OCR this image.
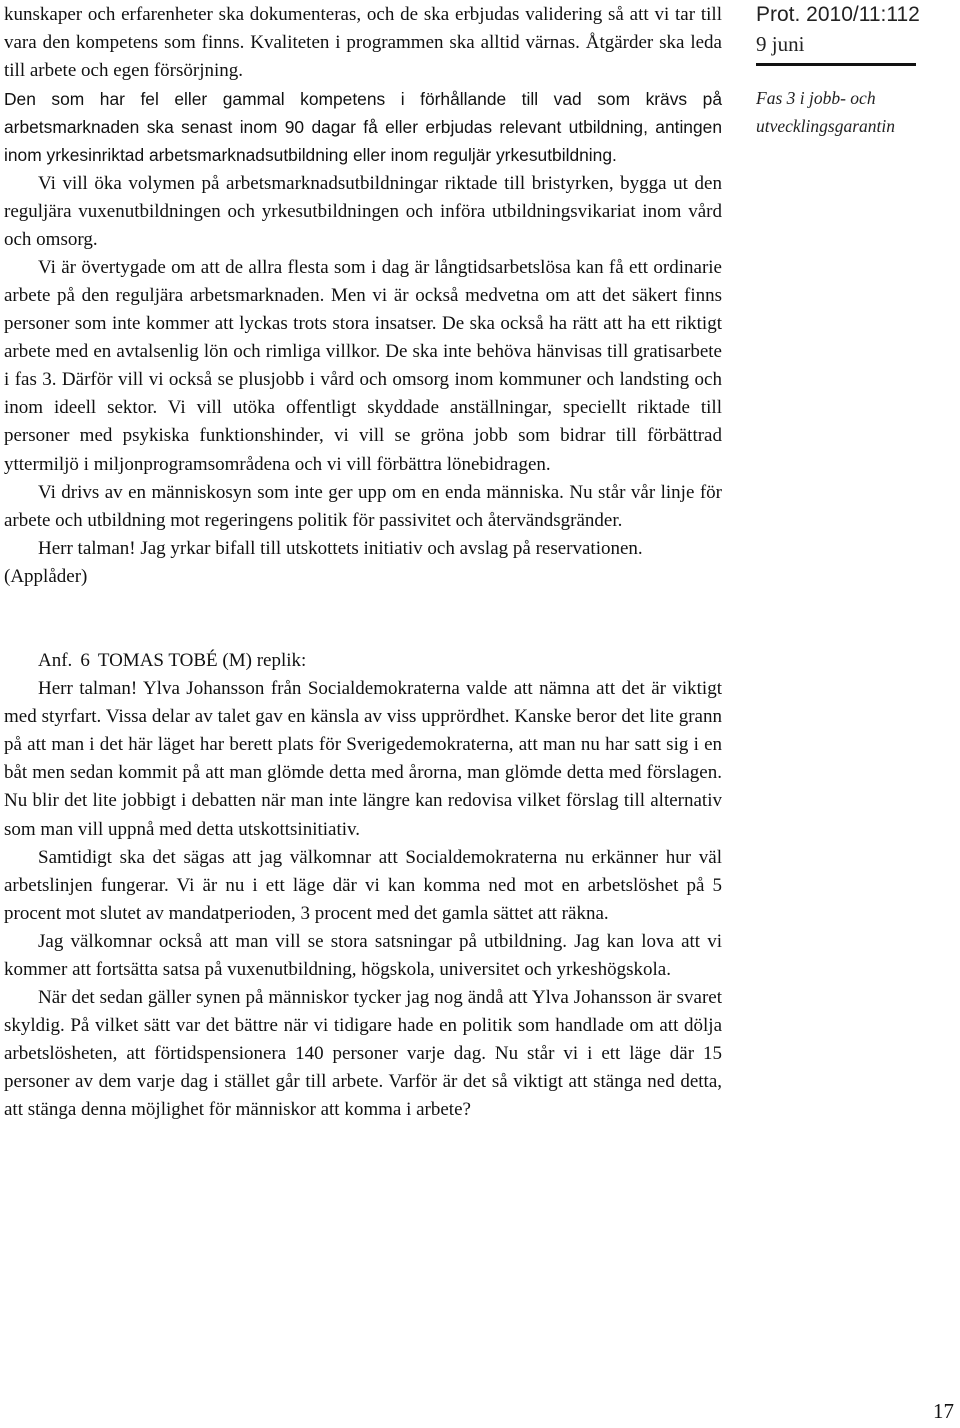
Prot. 2010/11:112
9 juni
Fas 3 i jobb- och
utvecklingsgarantin

kunskaper och erfarenheter ska dokumenteras, och de ska erbjudas validering så att vi tar till vara den kompetens som finns. Kvaliteten i programmen ska alltid värnas. Åtgärder ska leda till arbete och egen försörjning.

Den som har fel eller gammal kompetens i förhållande till vad som krävs på arbetsmarknaden ska senast inom 90 dagar få eller erbjudas relevant utbildning, antingen inom yrkesinriktad arbetsmarknadsutbildning eller inom reguljär yrkesutbildning.

Vi vill öka volymen på arbetsmarknadsutbildningar riktade till bristyrken, bygga ut den reguljära vuxenutbildningen och yrkesutbildningen och införa utbildningsvikariat inom vård och omsorg.

Vi är övertygade om att de allra flesta som i dag är långtidsarbetslösa kan få ett ordinarie arbete på den reguljära arbetsmarknaden. Men vi är också medvetna om att det säkert finns personer som inte kommer att lyckas trots stora insatser. De ska också ha rätt att ha ett riktigt arbete med en avtalsenlig lön och rimliga villkor. De ska inte behöva hänvisas till gratisarbete i fas 3. Därför vill vi också se plusjobb i vård och omsorg inom kommuner och landsting och inom ideell sektor. Vi vill utöka offentligt skyddade anställningar, speciellt riktade till personer med psykiska funktionshinder, vi vill se gröna jobb som bidrar till förbättrad yttermiljö i miljonprogramsområdena och vi vill förbättra lönebidragen.

Vi drivs av en människosyn som inte ger upp om en enda människa. Nu står vår linje för arbete och utbildning mot regeringens politik för passivitet och återvändsgränder.

Herr talman! Jag yrkar bifall till utskottets initiativ och avslag på reservationen.

(Applåder)

Anf. 6 TOMAS TOBÉ (M) replik:

Herr talman! Ylva Johansson från Socialdemokraterna valde att nämna att det är viktigt med styrfart. Vissa delar av talet gav en känsla av viss upprördhet. Kanske beror det lite grann på att man i det här läget har berett plats för Sverigedemokraterna, att man nu har satt sig i en båt men sedan kommit på att man glömde detta med årorna, man glömde detta med förslagen. Nu blir det lite jobbigt i debatten när man inte längre kan redovisa vilket förslag till alternativ som man vill uppnå med detta utskottsinitiativ.

Samtidigt ska det sägas att jag välkomnar att Socialdemokraterna nu erkänner hur väl arbetslinjen fungerar. Vi är nu i ett läge där vi kan komma ned mot en arbetslöshet på 5 procent mot slutet av mandatperioden, 3 procent med det gamla sättet att räkna.

Jag välkomnar också att man vill se stora satsningar på utbildning. Jag kan lova att vi kommer att fortsätta satsa på vuxenutbildning, högskola, universitet och yrkeshögskola.

När det sedan gäller synen på människor tycker jag nog ändå att Ylva Johansson är svaret skyldig. På vilket sätt var det bättre när vi tidigare hade en politik som handlade om att dölja arbetslösheten, att förtidspensionera 140 personer varje dag. Nu står vi i ett läge där 15 personer av dem varje dag i stället går till arbete. Varför är det så viktigt att stänga ned detta, att stänga denna möjlighet för människor att komma i arbete?

17
